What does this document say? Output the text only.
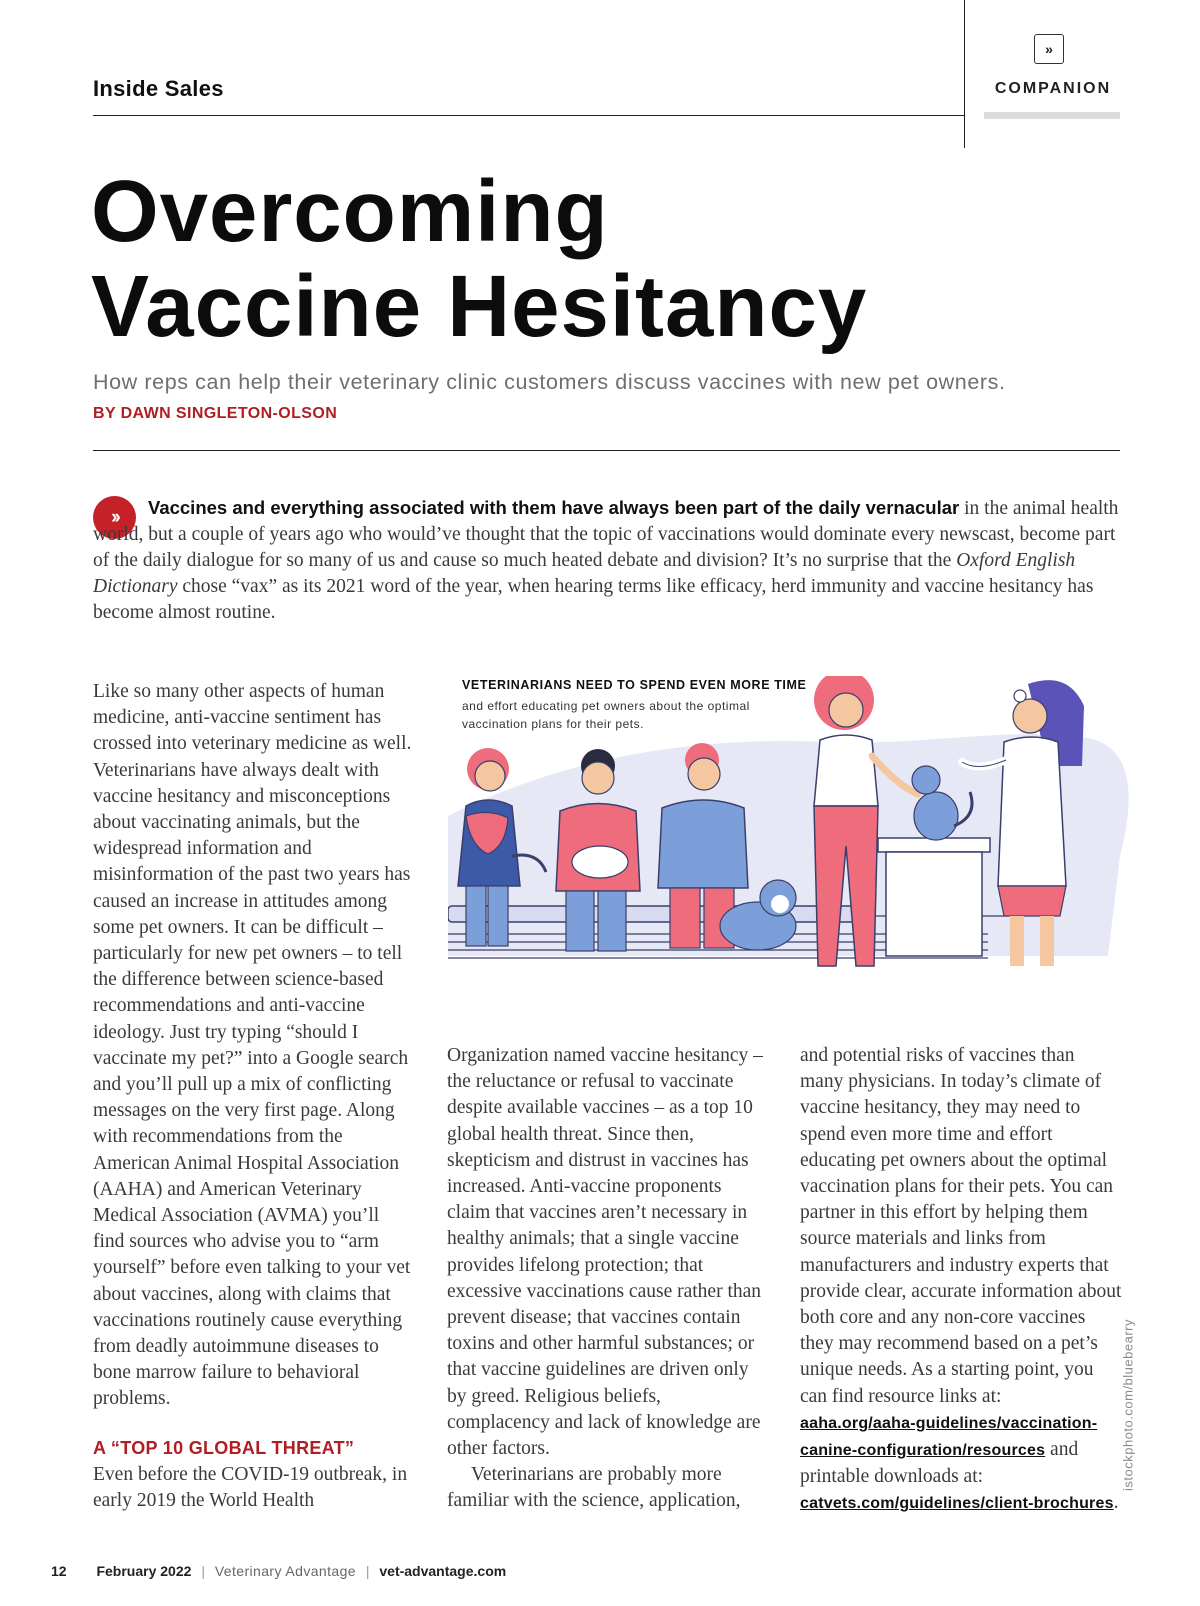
Inside Sales
»
COMPANION
Overcoming
Vaccine Hesitancy
How reps can help their veterinary clinic customers discuss vaccines with new pet owners.
BY DAWN SINGLETON-OLSON
››	Vaccines and everything associated with them have always been part of the daily vernacular in the animal health world, but a couple of years ago who would’ve thought that the topic of vaccinations would dominate every newscast, become part of the daily dialogue for so many of us and cause so much heated debate and division? It’s no surprise that the Oxford English Dictionary chose “vax” as its 2021 word of the year, when hearing terms like efficacy, herd immunity and vaccine hesitancy has become almost routine.

Like so many other aspects of human medicine, anti-vaccine sentiment has crossed into veterinary medicine as well. Veterinarians have always dealt with vaccine hesitancy and misconceptions about vaccinating animals, but the widespread information and misinformation of the past two years has caused an increase in attitudes among some pet owners. It can be difficult – particularly for new pet owners – to tell the difference between science-based recommendations and anti-vaccine ideology. Just try typing “should I vaccinate my pet?” into a Google search and you’ll pull up a mix of conflicting messages on the very first page. Along with recommendations from the American Animal Hospital Association (AAHA) and American Veterinary Medical Association (AVMA) you’ll find sources who advise you to “arm yourself” before even talking to your vet about vaccines, along with claims that vaccinations routinely cause everything from deadly autoimmune diseases to bone marrow failure to behavioral problems.

A “TOP 10 GLOBAL THREAT”

Even before the COVID-19 outbreak, in early 2019 the World Health

Organization named vaccine hesitancy – the reluctance or refusal to vaccinate despite available vaccines – as a top 10 global health threat. Since then, skepticism and distrust in vaccines has increased. Anti-vaccine proponents claim that vaccines aren’t necessary in healthy animals; that a single vaccine provides lifelong protection; that excessive vaccinations cause rather than prevent disease; that vaccines contain toxins and other harmful substances; or that vaccine guidelines are driven only by greed. Religious beliefs, complacency and lack of knowledge are other factors.
Veterinarians are probably more familiar with the science, application,

and potential risks of vaccines than many physicians. In today’s climate of vaccine hesitancy, they may need to spend even more time and effort educating pet owners about the optimal vaccination plans for their pets. You can partner in this effort by helping them source materials and links from manufacturers and industry experts that provide clear, accurate information about both core and any non-core vaccines they may recommend based on a pet’s unique needs. As a starting point, you can find resource links at: aaha.org/aaha-guidelines/vaccination-canine-configuration/resources and printable downloads at: catvets.com/guidelines/client-brochures.

VETERINARIANS NEED TO SPEND EVEN MORE TIME

and effort educating pet owners about the optimal vaccination plans for their pets.

istockphoto.com/bluebearry
12 February 2022 | Veterinary Advantage | vet-advantage.com
